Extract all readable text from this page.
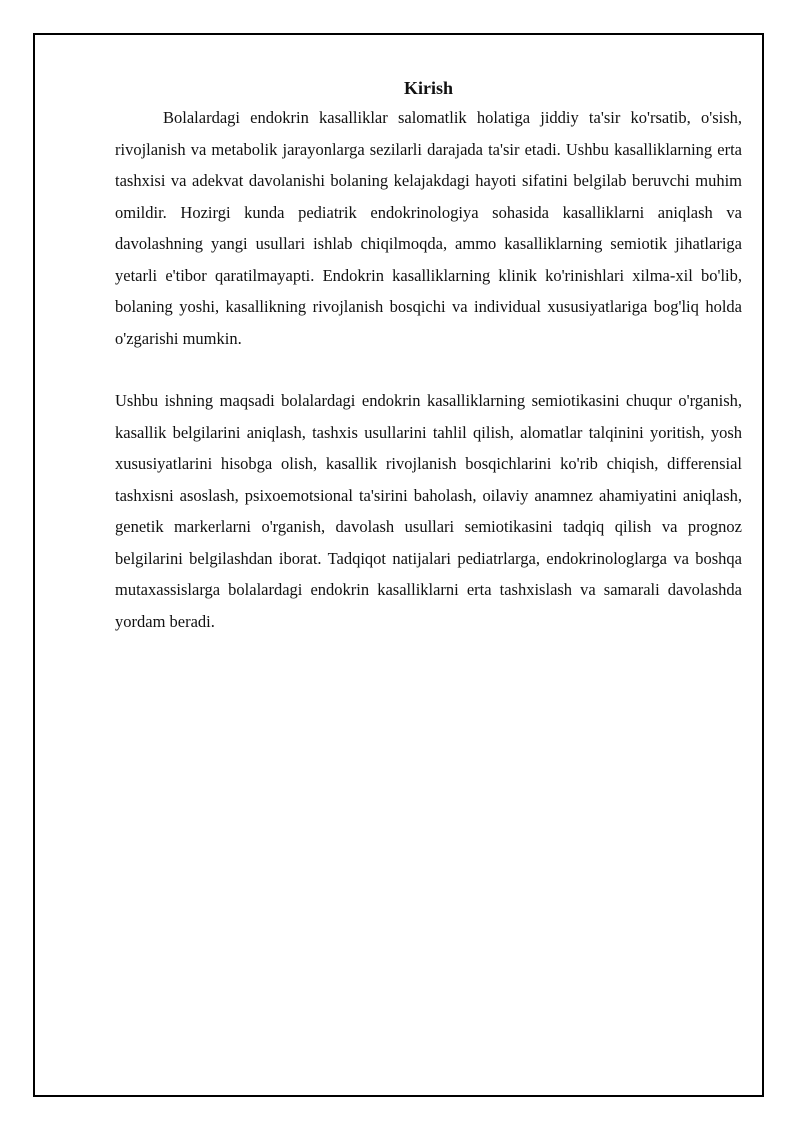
Kirish

Bolalardagi endokrin kasalliklar salomatlik holatiga jiddiy ta'sir ko'rsatib, o'sish, rivojlanish va metabolik jarayonlarga sezilarli darajada ta'sir etadi. Ushbu kasalliklarning erta tashxisi va adekvat davolanishi bolaning kelajakdagi hayoti sifatini belgilab beruvchi muhim omildir. Hozirgi kunda pediatrik endokrinologiya sohasida kasalliklarni aniqlash va davolashning yangi usullari ishlab chiqilmoqda, ammo kasalliklarning semiotik jihatlariga yetarli e'tibor qaratilmayapti. Endokrin kasalliklarning klinik ko'rinishlari xilma-xil bo'lib, bolaning yoshi, kasallikning rivojlanish bosqichi va individual xususiyatlariga bog'liq holda o'zgarishi mumkin.

Ushbu ishning maqsadi bolalardagi endokrin kasalliklarning semiotikasini chuqur o'rganish, kasallik belgilarini aniqlash, tashxis usullarini tahlil qilish, alomatlar talqinini yoritish, yosh xususiyatlarini hisobga olish, kasallik rivojlanish bosqichlarini ko'rib chiqish, differensial tashxisni asoslash, psixoemotsional ta'sirini baholash, oilaviy anamnez ahamiyatini aniqlash, genetik markerlarni o'rganish, davolash usullari semiotikasini tadqiq qilish va prognoz belgilarini belgilashdan iborat. Tadqiqot natijalari pediatrlarga, endokrinologlarga va boshqa mutaxassislarga bolalardagi endokrin kasalliklarni erta tashxislash va samarali davolashda yordam beradi.
